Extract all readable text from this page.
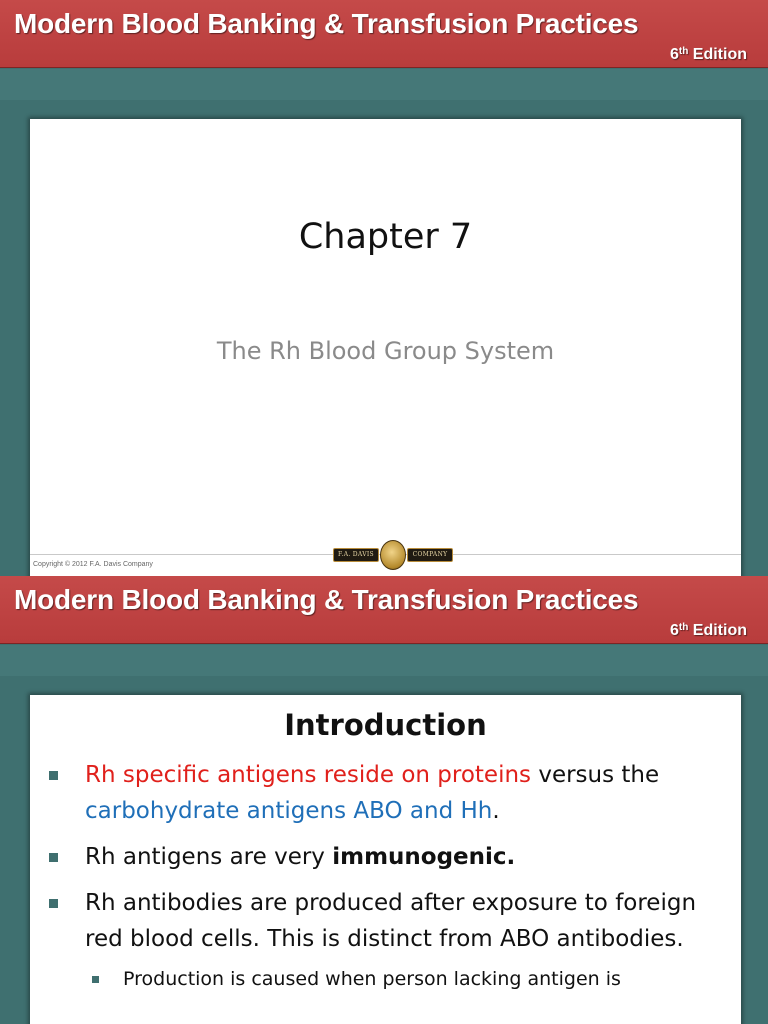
Modern Blood Banking & Transfusion Practices
6th Edition
Chapter 7
The Rh Blood Group System
Copyright © 2012 F.A. Davis Company
F.A. DAVIS	COMPANY
Modern Blood Banking & Transfusion Practices
6th Edition
Introduction
Rh specific antigens reside on proteins versus the carbohydrate antigens ABO and Hh.
Rh antigens are very immunogenic.
Rh antibodies are produced after exposure to foreign red blood cells. This is distinct from ABO antibodies.
Production is caused when person lacking antigen is
